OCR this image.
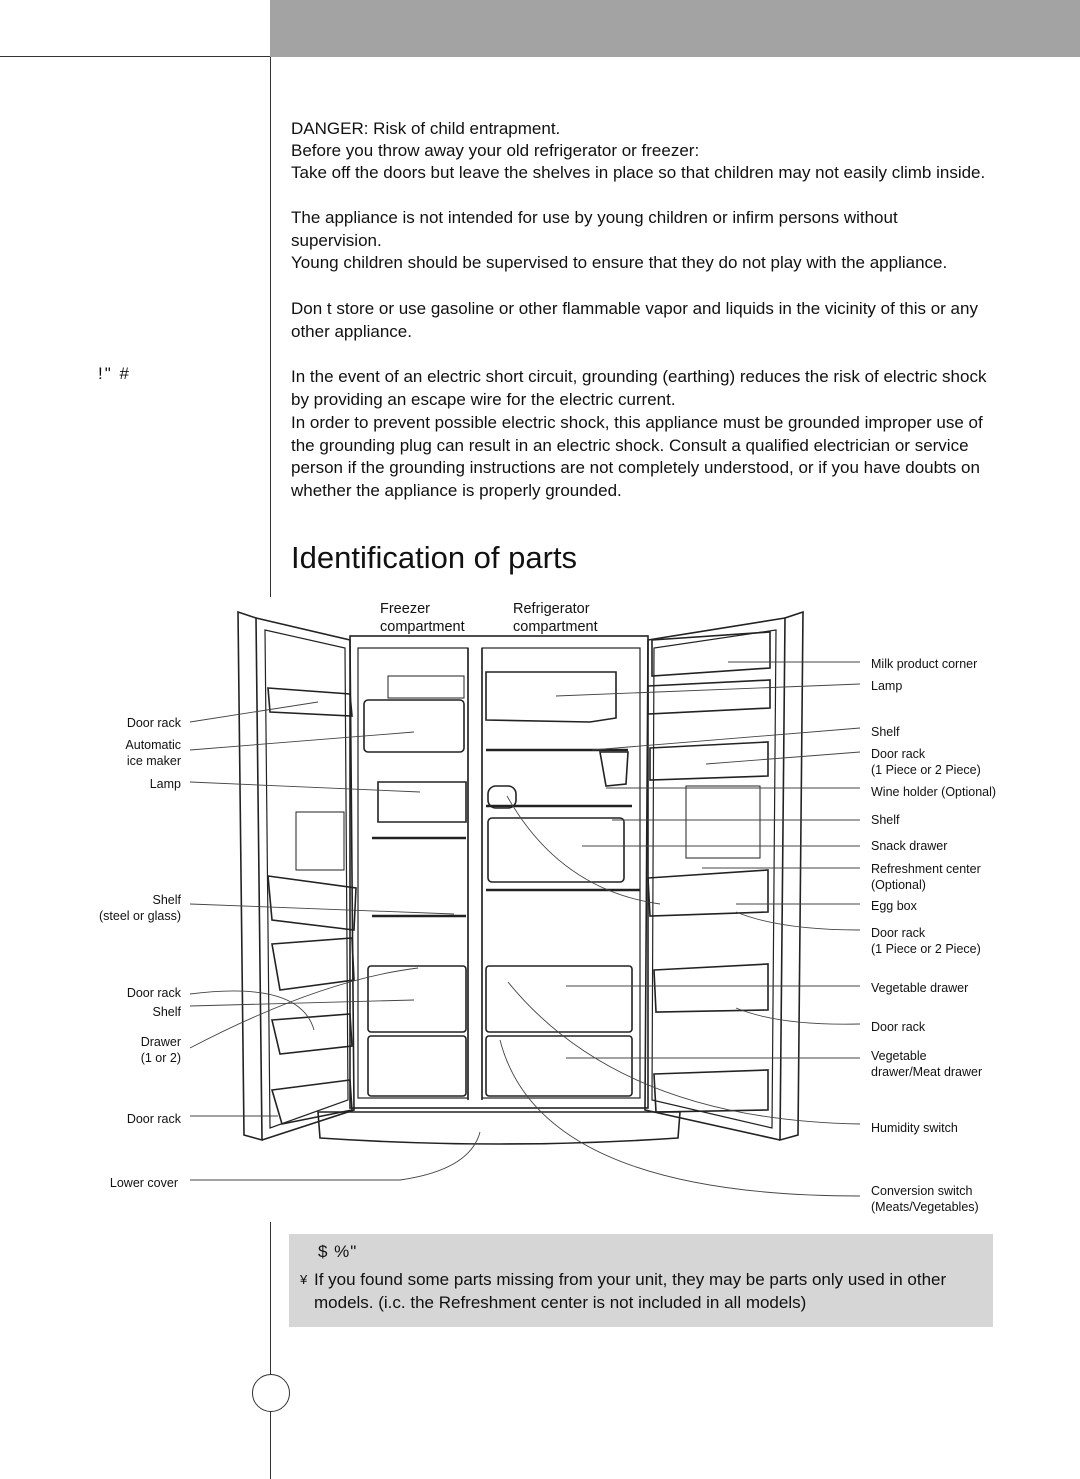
DANGER: Risk of child entrapment.

Before you throw away your old refrigerator or freezer:

Take off the doors but leave the shelves in place so that children may not easily climb inside.

The appliance is not intended for use by young children or infirm persons without supervision.

Young children should be supervised to ensure that they do not play with the appliance.

Don t store or use gasoline or other flammable vapor and liquids in the vicinity of this or any other appliance.

In the event of an electric short circuit, grounding (earthing) reduces the risk of electric shock by providing an escape wire for the electric current.

In order to prevent possible electric shock, this appliance must be grounded improper use of the grounding plug can result in an electric shock. Consult a qualified electrician or service person if the grounding instructions are not completely understood, or if you have doubts on whether the appliance is properly grounded.

!" #
Identification of parts
Freezer
compartment
Refrigerator
compartment
Door rack
Automatic
ice maker
Lamp
Shelf
(steel or glass)
Door rack
Shelf
Drawer
(1 or 2)
Door rack
Lower cover
Milk product corner
Lamp
Shelf
Door rack
(1 Piece or 2 Piece)
Wine holder (Optional)
Shelf
Snack drawer
Refreshment center
(Optional)
Egg box
Door rack
(1 Piece or 2 Piece)
Vegetable drawer
Door rack
Vegetable
drawer/Meat drawer
Humidity switch
Conversion switch
(Meats/Vegetables)
$ %"
¥ If you found some parts missing from your unit, they may be parts only used in other models. (i.c. the Refreshment center is not included in all models)
